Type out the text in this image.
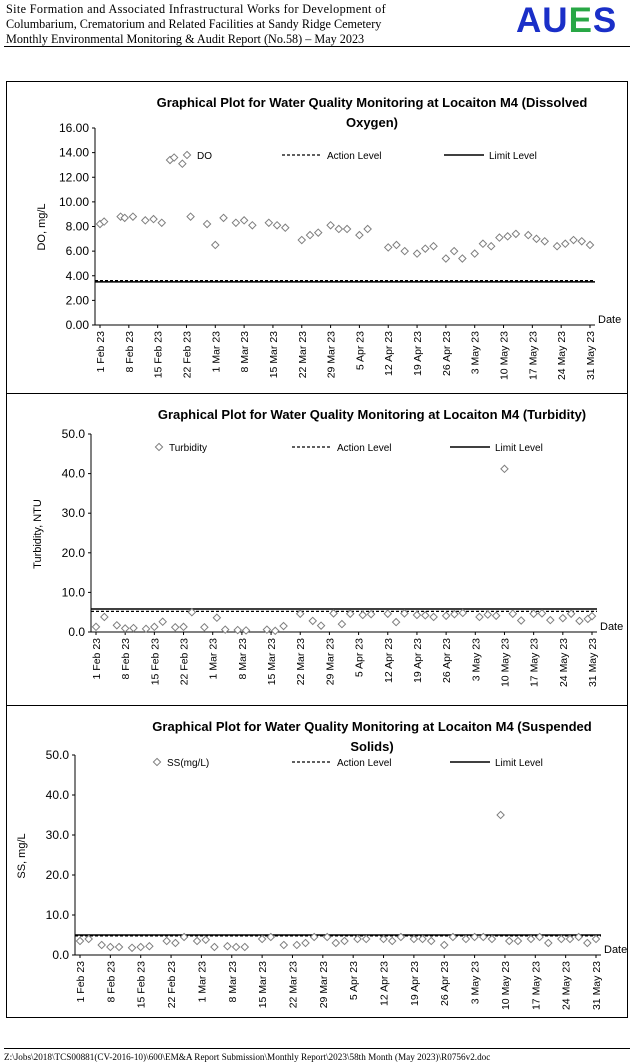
Site Formation and Associated Infrastructural Works for Development of
Columbarium, Crematorium and Related Facilities at Sandy Ridge Cemetery
Monthly Environmental Monitoring & Audit Report (No.58) – May 2023	AUES
Graphical Plot for Water Quality Monitoring at Locaiton M4 (Dissolved
Oxygen)
0.00
2.00
4.00
6.00
8.00
10.00
12.00
14.00
16.00
DO, mg/L
1 Feb 23 8 Feb 23 15 Feb 23 22 Feb 23 1 Mar 23 8 Mar 23 15 Mar 23 22 Mar 23 29 Mar 23 5 Apr 23 12 Apr 23 19 Apr 23 26 Apr 23 3 May 23 10 May 23 17 May 23 24 May 23 31 May 23
Date
DO	Action Level	Limit Level
Graphical Plot for Water Quality Monitoring at Locaiton M4 (Turbidity)
0.0
10.0
20.0
30.0
40.0
50.0
Turbidity, NTU
1 Feb 23 8 Feb 23 15 Feb 23 22 Feb 23 1 Mar 23 8 Mar 23 15 Mar 23 22 Mar 23 29 Mar 23 5 Apr 23 12 Apr 23 19 Apr 23 26 Apr 23 3 May 23 10 May 23 17 May 23 24 May 23 31 May 23
Date
Turbidity	Action Level	Limit Level
Graphical Plot for Water Quality Monitoring at Locaiton M4 (Suspended
Solids)
0.0
10.0
20.0
30.0
40.0
50.0
SS, mg/L
1 Feb 23 8 Feb 23 15 Feb 23 22 Feb 23 1 Mar 23 8 Mar 23 15 Mar 23 22 Mar 23 29 Mar 23 5 Apr 23 12 Apr 23 19 Apr 23 26 Apr 23 3 May 23 10 May 23 17 May 23 24 May 23 31 May 23
Date
SS(mg/L)	Action Level	Limit Level
Z:\Jobs\2018\TCS00881(CV-2016-10)\600\EM&A Report Submission\Monthly Report\2023\58th Month (May 2023)\R0756v2.doc
